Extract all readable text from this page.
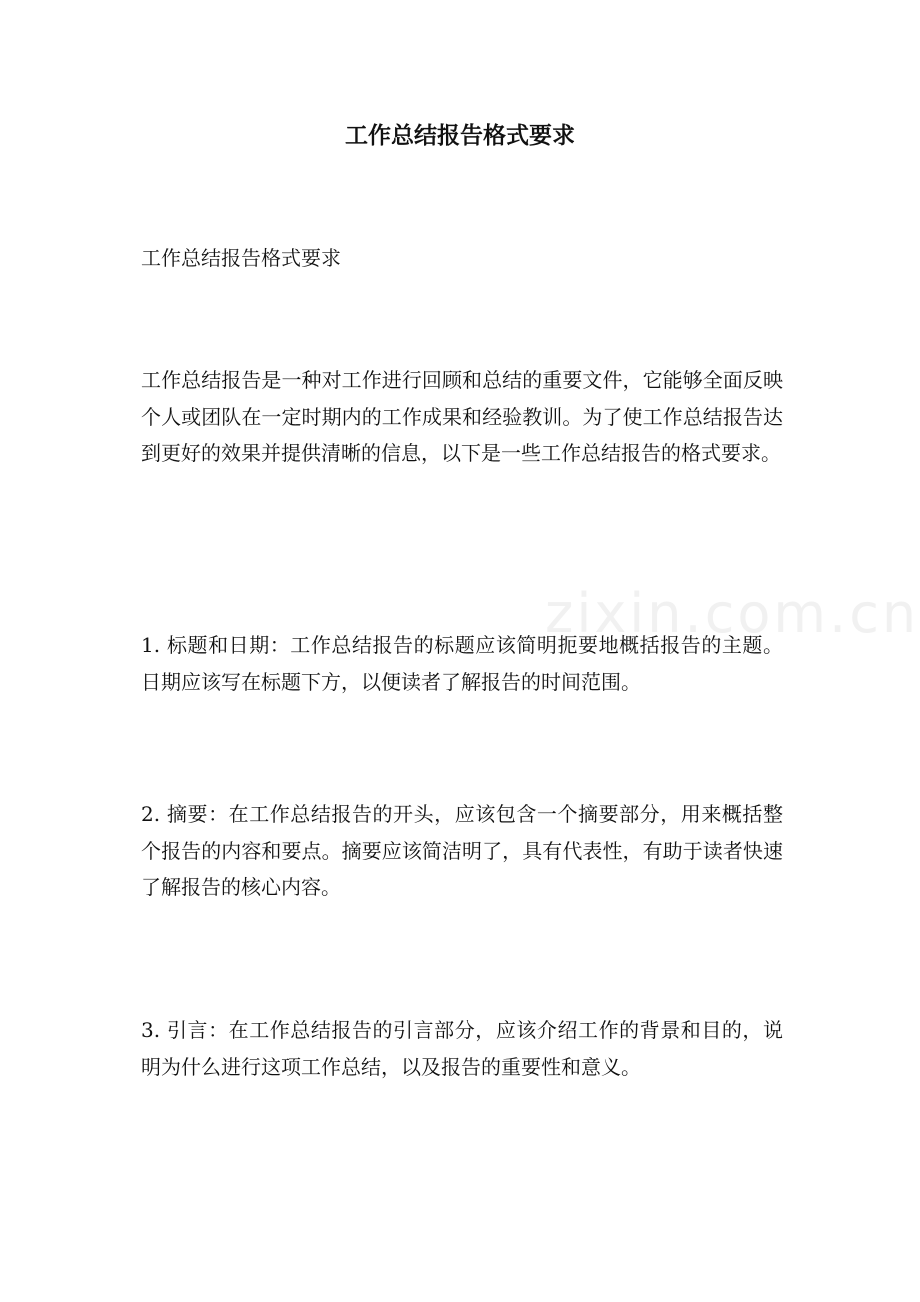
zixin.com.cn
工作总结报告格式要求
工作总结报告格式要求
工作总结报告是一种对工作进行回顾和总结的重要文件，它能够全面反映个人或团队在一定时期内的工作成果和经验教训。为了使工作总结报告达到更好的效果并提供清晰的信息，以下是一些工作总结报告的格式要求。
1. 标题和日期：工作总结报告的标题应该简明扼要地概括报告的主题。日期应该写在标题下方，以便读者了解报告的时间范围。
2. 摘要：在工作总结报告的开头，应该包含一个摘要部分，用来概括整个报告的内容和要点。摘要应该简洁明了，具有代表性，有助于读者快速了解报告的核心内容。
3. 引言：在工作总结报告的引言部分，应该介绍工作的背景和目的，说明为什么进行这项工作总结，以及报告的重要性和意义。
